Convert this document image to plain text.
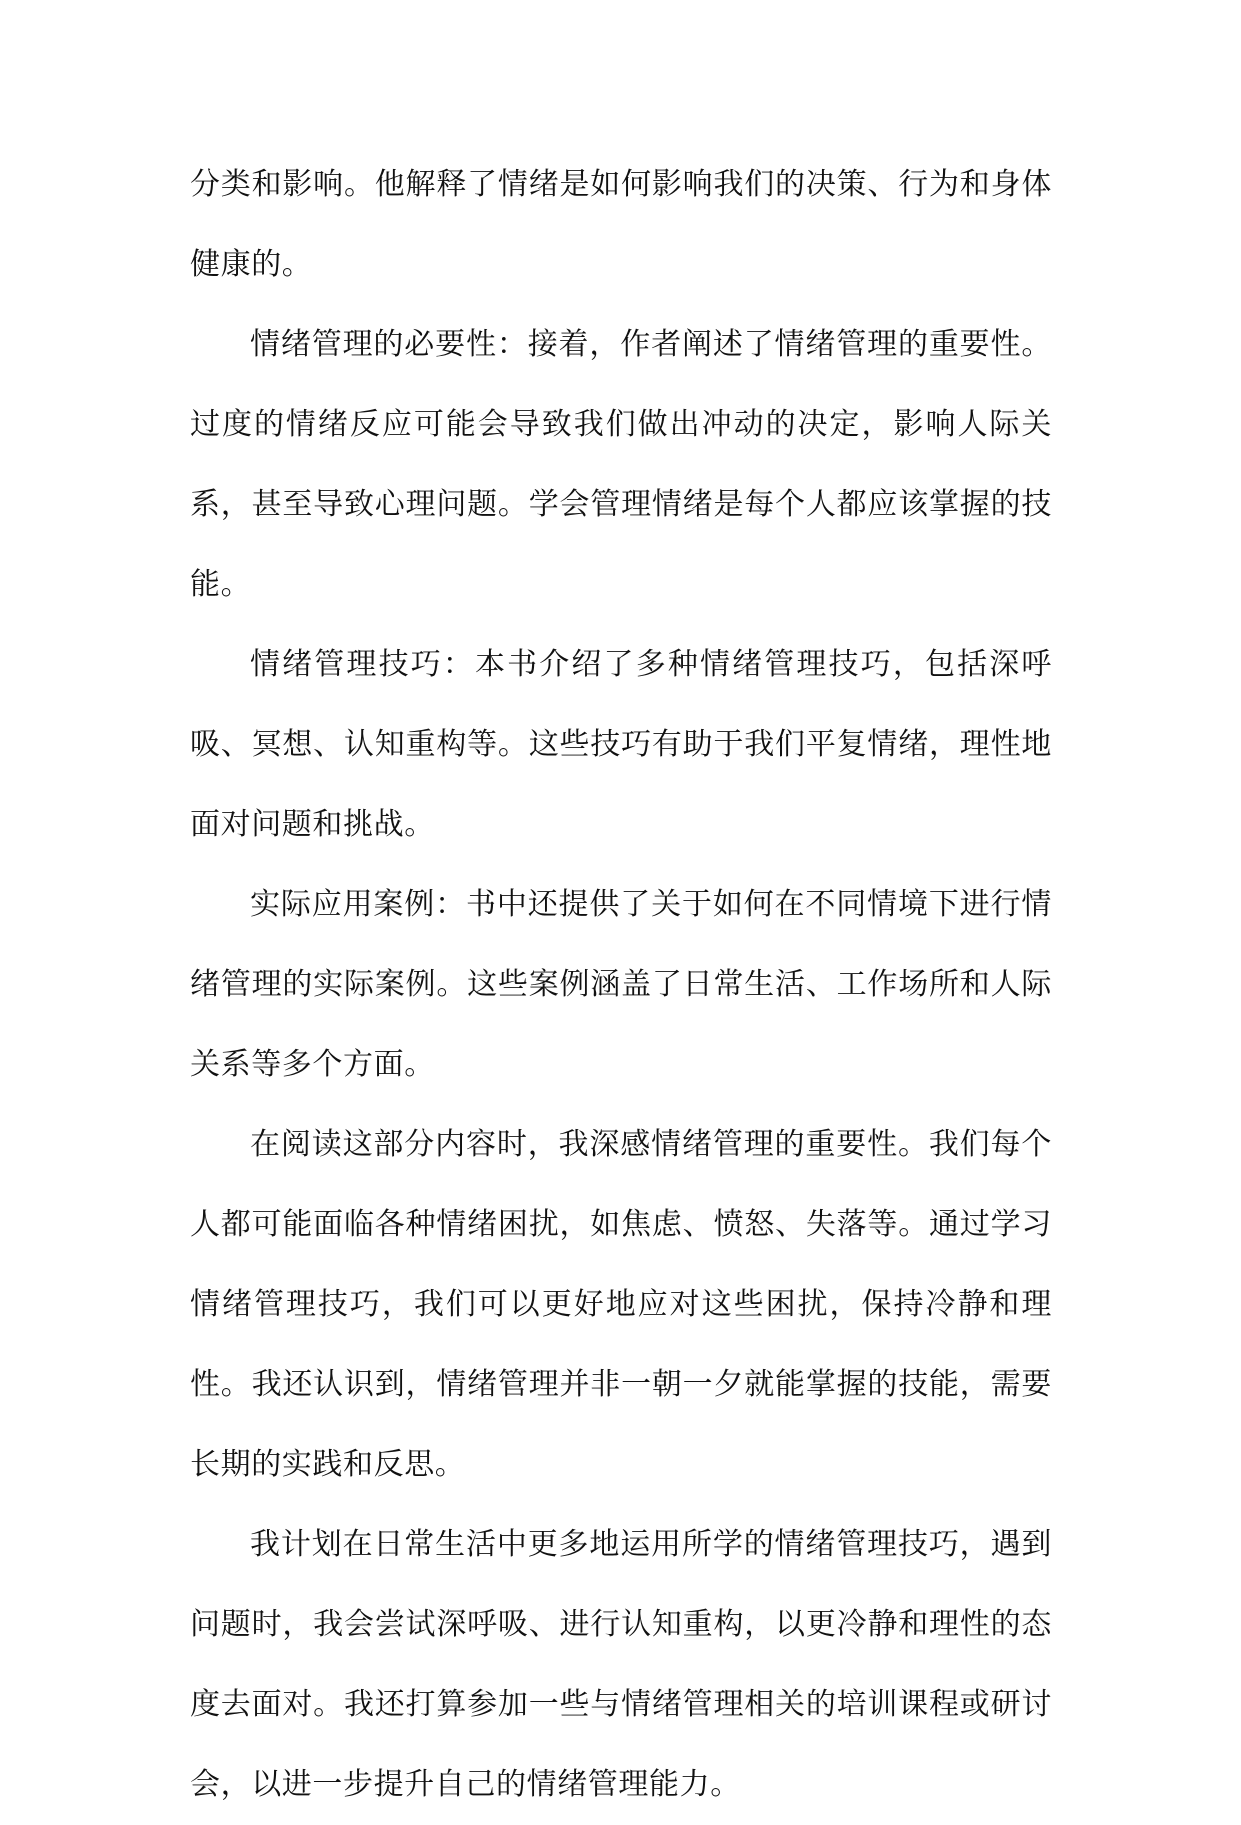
分类和影响。他解释了情绪是如何影响我们的决策、行为和身体健康的。

情绪管理的必要性：接着，作者阐述了情绪管理的重要性。过度的情绪反应可能会导致我们做出冲动的决定，影响人际关系，甚至导致心理问题。学会管理情绪是每个人都应该掌握的技能。

情绪管理技巧：本书介绍了多种情绪管理技巧，包括深呼吸、冥想、认知重构等。这些技巧有助于我们平复情绪，理性地面对问题和挑战。

实际应用案例：书中还提供了关于如何在不同情境下进行情绪管理的实际案例。这些案例涵盖了日常生活、工作场所和人际关系等多个方面。

在阅读这部分内容时，我深感情绪管理的重要性。我们每个人都可能面临各种情绪困扰，如焦虑、愤怒、失落等。通过学习情绪管理技巧，我们可以更好地应对这些困扰，保持冷静和理性。我还认识到，情绪管理并非一朝一夕就能掌握的技能，需要长期的实践和反思。

我计划在日常生活中更多地运用所学的情绪管理技巧，遇到问题时，我会尝试深呼吸、进行认知重构，以更冷静和理性的态度去面对。我还打算参加一些与情绪管理相关的培训课程或研讨会，以进一步提升自己的情绪管理能力。
